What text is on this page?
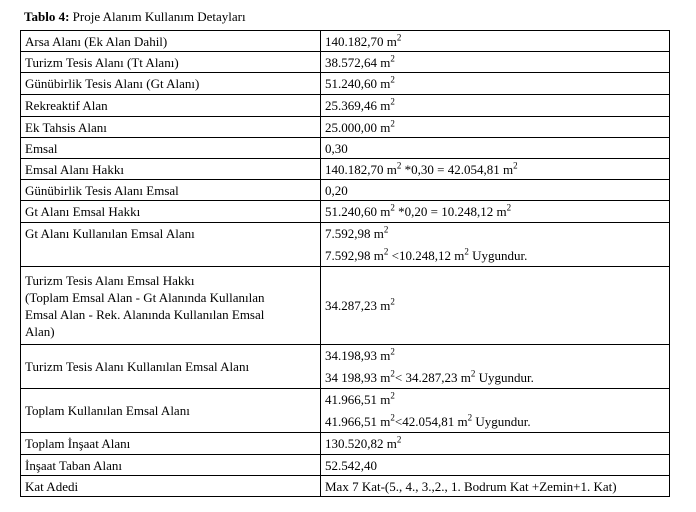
Tablo 4: Proje Alanım Kullanım Detayları
Arsa Alanı (Ek Alan Dahil)	140.182,70 $m^2$
Turizm Tesis Alanı (Tt Alanı)	38.572,64 $m^2$
Günübirlik Tesis Alanı (Gt Alanı)	51.240,60 $m^2$
Rekreaktif Alan	25.369,46 $m^2$
Ek Tahsis Alanı	25.000,00 $m^2$
Emsal	0,30
Emsal Alanı Hakkı	140.182,70 $m^2$ *0,30 = 42.054,81 $m^2$
Günübirlik Tesis Alanı Emsal	0,20
Gt Alanı Emsal Hakkı	51.240,60 $m^2$ *0,20 = 10.248,12 $m^2$
Gt Alanı Kullanılan Emsal Alanı	7.592,98 $m^2$
7.592,98 $m^2 <10.248,12$ $m^2$ Uygundur.

Turizm Tesis Alanı Emsal Hakkı
(Toplam Emsal Alan - Gt Alanında Kullanılan
Emsal Alan - Rek. Alanında Kullanılan Emsal
Alan)	34.287,23 $m^2$
Turizm Tesis Alanı Kullanılan Emsal Alanı	34.198,93 $m^2$
34 198,93 $m^2< 34.287,23$ $m^2$ Uygundur.

Toplam Kullanılan Emsal Alanı	41.966,51 $m^2$
41.966,51 $m^2<42.054,81$ $m^2$ Uygundur.

Toplam İnşaat Alanı	130.520,82 $m^2$
İnşaat Taban Alanı	52.542,40
Kat Adedi	Max 7 Kat-(5., 4., 3.,2., 1. Bodrum Kat +Zemin+1. Kat)
